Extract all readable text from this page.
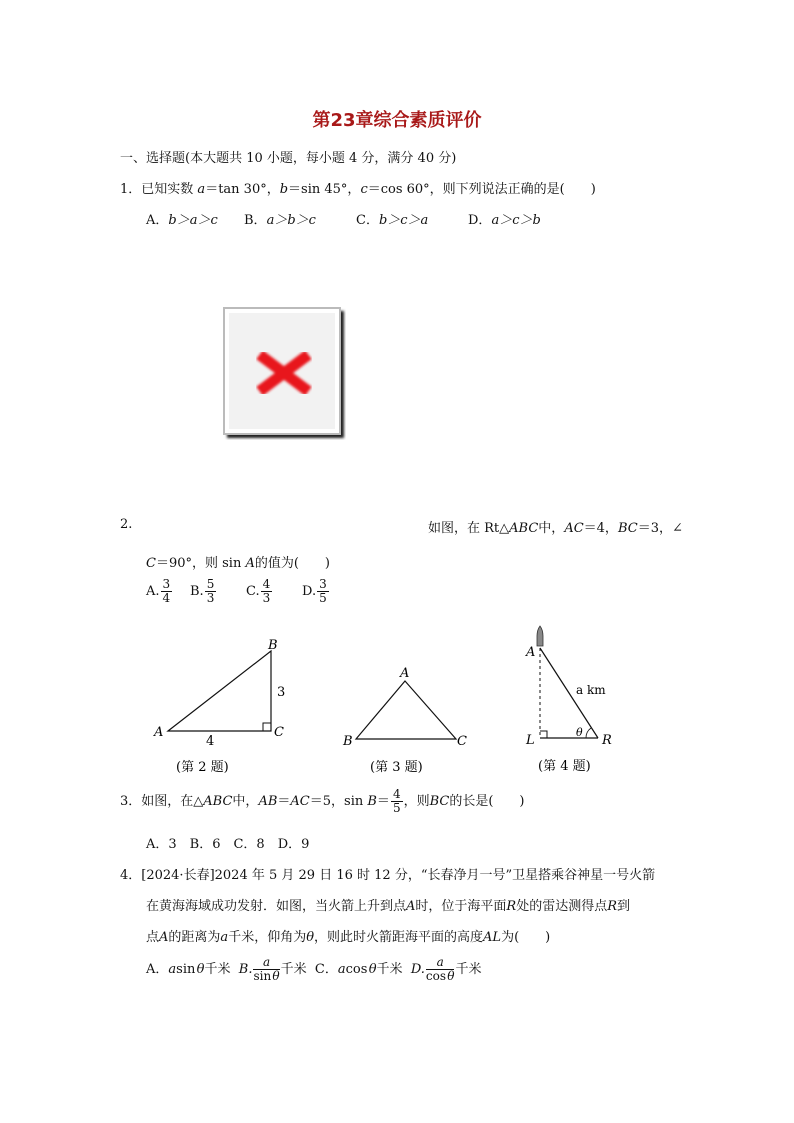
第23章综合素质评价
一、选择题(本大题共 10 小题，每小题 4 分，满分 40 分)
1．已知实数 a＝tan 30°，b＝sin 45°，c＝cos 60°，则下列说法正确的是(　　)
A．b＞a＞c B．a＞b＞c	C．b＞c＞a	D．a＞c＞b
2.	如图，在 Rt△ABC中，AC＝4，BC＝3，∠
C＝90°，则 sin A的值为(　　)
A. $\frac{3}{4} B$. $\frac{5}{3} C$. $\frac{4}{3} D$. $\frac{3}{5}$
B
A	C
3
4
(第 2 题)
A
B	C
(第 3 题)
A
L	R
a km
θ
(第 4 题)
3．如图，在△ABC中，AB＝AC＝5，$\sin B= \frac{4}{5}$ ，则BC的长是(　　)
A．3　B．6　C．8　D．9
4．[2024·长春]2024 年 5 月 29 日 16 时 12 分，“长春净月一号”卫星搭乘谷神星一号火箭
在黄海海域成功发射．如图，当火箭上升到点A时，位于海平面R处的雷达测得点R到
点A的距离为a千米，仰角为θ，则此时火箭距海平面的高度AL为(　　)
A．asin θ千米 B. $\frac{a}{\text{sin θ}}$ 千米 C．acos θ千米 D. $\frac{a}{\text{cos θ}}$ 千米
